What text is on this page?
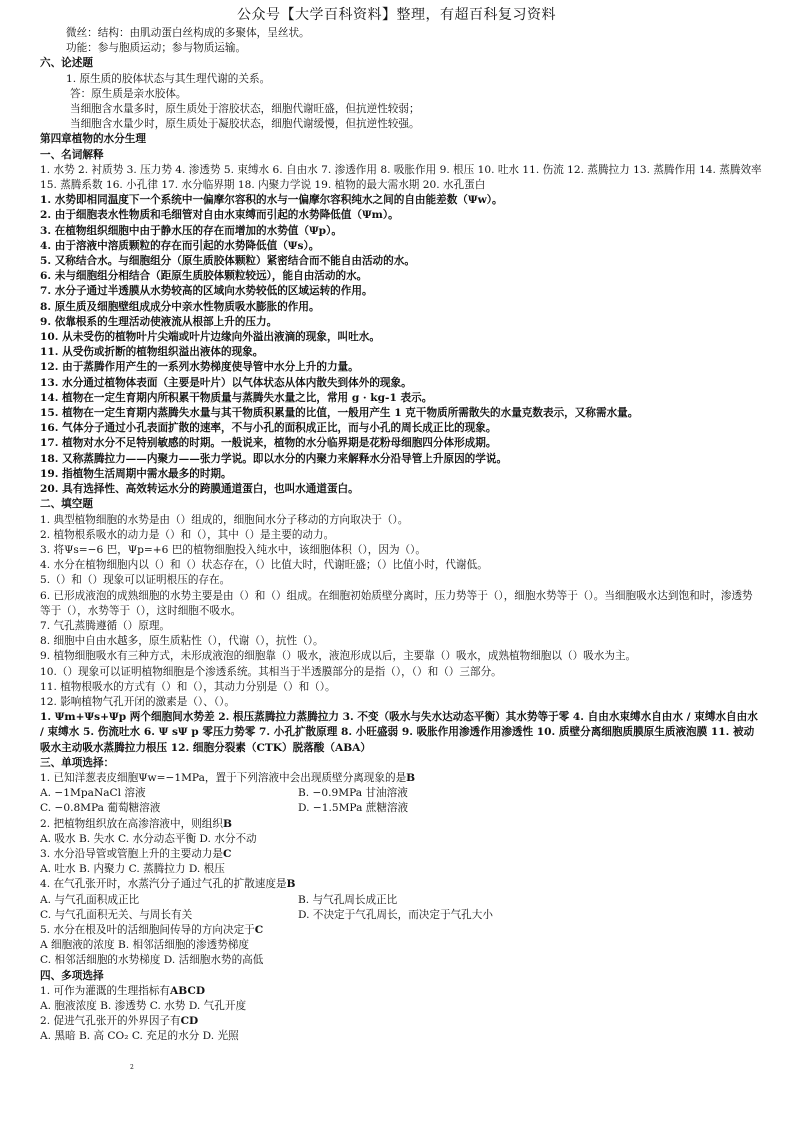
公众号【大学百科资料】整理，有超百科复习资料
微丝：结构：由肌动蛋白丝构成的多聚体，呈丝状。
功能：参与胞质运动；参与物质运输。
六、论述题
1. 原生质的胶体状态与其生理代谢的关系。
答：原生质是亲水胶体。
当细胞含水量多时，原生质处于溶胶状态，细胞代谢旺盛，但抗逆性较弱；
当细胞含水量少时，原生质处于凝胶状态，细胞代谢缓慢，但抗逆性较强。
第四章植物的水分生理
一、名词解释
1. 水势 2. 衬质势 3. 压力势 4. 渗透势 5. 束缚水 6. 自由水 7. 渗透作用 8. 吸胀作用 9. 根压 10. 吐水 11. 伤流 12. 蒸腾拉力 13. 蒸腾作用 14. 蒸腾效率 15. 蒸腾系数 16. 小孔律 17. 水分临界期 18. 内聚力学说 19. 植物的最大需水期 20. 水孔蛋白
1. 水势即相同温度下一个系统中一偏摩尔容积的水与一偏摩尔容积纯水之间的自由能差数（Ψw）。
2. 由于细胞表水性物质和毛细管对自由水束缚而引起的水势降低值（Ψm）。
3. 在植物组织细胞中由于静水压的存在而增加的水势值（Ψp）。
4. 由于溶液中溶质颗粒的存在而引起的水势降低值（Ψs）。
5. 又称结合水。与细胞组分（原生质胶体颗粒）紧密结合而不能自由活动的水。
6. 未与细胞组分相结合（距原生质胶体颗粒较远），能自由活动的水。
7. 水分子通过半透膜从水势较高的区域向水势较低的区域运转的作用。
8. 原生质及细胞壁组成成分中亲水性物质吸水膨胀的作用。
9. 依靠根系的生理活动使液流从根部上升的压力。
10. 从未受伤的植物叶片尖端或叶片边缘向外溢出液滴的现象，叫吐水。
11. 从受伤或折断的植物组织溢出液体的现象。
12. 由于蒸腾作用产生的一系列水势梯度使导管中水分上升的力量。
13. 水分通过植物体表面（主要是叶片）以气体状态从体内散失到体外的现象。
14. 植物在一定生育期内所积累干物质量与蒸腾失水量之比，常用 g · kg-1 表示。
15. 植物在一定生育期内蒸腾失水量与其干物质积累量的比值，一般用产生 1 克干物质所需散失的水量克数表示，又称需水量。
16. 气体分子通过小孔表面扩散的速率，不与小孔的面积成正比，而与小孔的周长成正比的现象。
17. 植物对水分不足特别敏感的时期。一般说来，植物的水分临界期是花粉母细胞四分体形成期。
18. 又称蒸腾拉力——内聚力——张力学说。即以水分的内聚力来解释水分沿导管上升原因的学说。
19. 指植物生活周期中需水最多的时期。
20. 具有选择性、高效转运水分的跨膜通道蛋白，也叫水通道蛋白。
二、填空题
1. 典型植物细胞的水势是由（）组成的，细胞间水分子移动的方向取决于（）。
2. 植物根系吸水的动力是（）和（），其中（）是主要的动力。
3. 将Ψs=−6 巴，Ψp=+6 巴的植物细胞投入纯水中，该细胞体积（），因为（）。
4. 水分在植物细胞内以（）和（）状态存在，（）比值大时，代谢旺盛；（）比值小时，代谢低。
5.（）和（）现象可以证明根压的存在。
6. 已形成液泡的成熟细胞的水势主要是由（）和（）组成。在细胞初始质壁分离时，压力势等于（），细胞水势等于（）。当细胞吸水达到饱和时，渗透势等于（），水势等于（），这时细胞不吸水。
7. 气孔蒸腾遵循（）原理。
8. 细胞中自由水越多，原生质粘性（），代谢（），抗性（）。
9. 植物细胞吸水有三种方式，未形成液泡的细胞靠（）吸水，液泡形成以后，主要靠（）吸水，成熟植物细胞以（）吸水为主。
10.（）现象可以证明植物细胞是个渗透系统。其相当于半透膜部分的是指（），（）和（）三部分。
11. 植物根吸水的方式有（）和（），其动力分别是（）和（）。
12. 影响植物气孔开闭的激素是（）、（）。
1. Ψm+Ψs+Ψp 两个细胞间水势差 2. 根压蒸腾拉力蒸腾拉力 3. 不变（吸水与失水达动态平衡）其水势等于零 4. 自由水束缚水自由水 / 束缚水自由水 / 束缚水 5. 伤流吐水 6. Ψ sΨ p 零压力势零 7. 小孔扩散原理 8. 小旺盛弱 9. 吸胀作用渗透作用渗透性 10. 质壁分离细胞质膜原生质液泡膜 11. 被动吸水主动吸水蒸腾拉力根压 12. 细胞分裂素（CTK）脱落酸（ABA）
三、单项选择：
1. 已知洋葱表皮细胞Ψw=−1MPa，置于下列溶液中会出现质壁分离现象的是B
A. −1MpaNaCl 溶液	B. −0.9MPa 甘油溶液
C. −0.8MPa 葡萄糖溶液	D. −1.5MPa 蔗糖溶液
2. 把植物组织放在高渗溶液中，则组织B
A. 吸水 B. 失水 C. 水分动态平衡 D. 水分不动
3. 水分沿导管或管胞上升的主要动力是C
A. 吐水 B. 内聚力 C. 蒸腾拉力 D. 根压
4. 在气孔张开时，水蒸汽分子通过气孔的扩散速度是B
A. 与气孔面积成正比	B. 与气孔周长成正比
C. 与气孔面积无关、与周长有关	D. 不决定于气孔周长，而决定于气孔大小
5. 水分在根及叶的活细胞间传导的方向决定于C
A 细胞液的浓度 B. 相邻活细胞的渗透势梯度
C. 相邻活细胞的水势梯度 D. 活细胞水势的高低
四、多项选择
1. 可作为灌溉的生理指标有ABCD
A. 胞液浓度 B. 渗透势 C. 水势 D. 气孔开度
2. 促进气孔张开的外界因子有CD
A. 黑暗 B. 高 CO₂ C. 充足的水分 D. 光照
2
